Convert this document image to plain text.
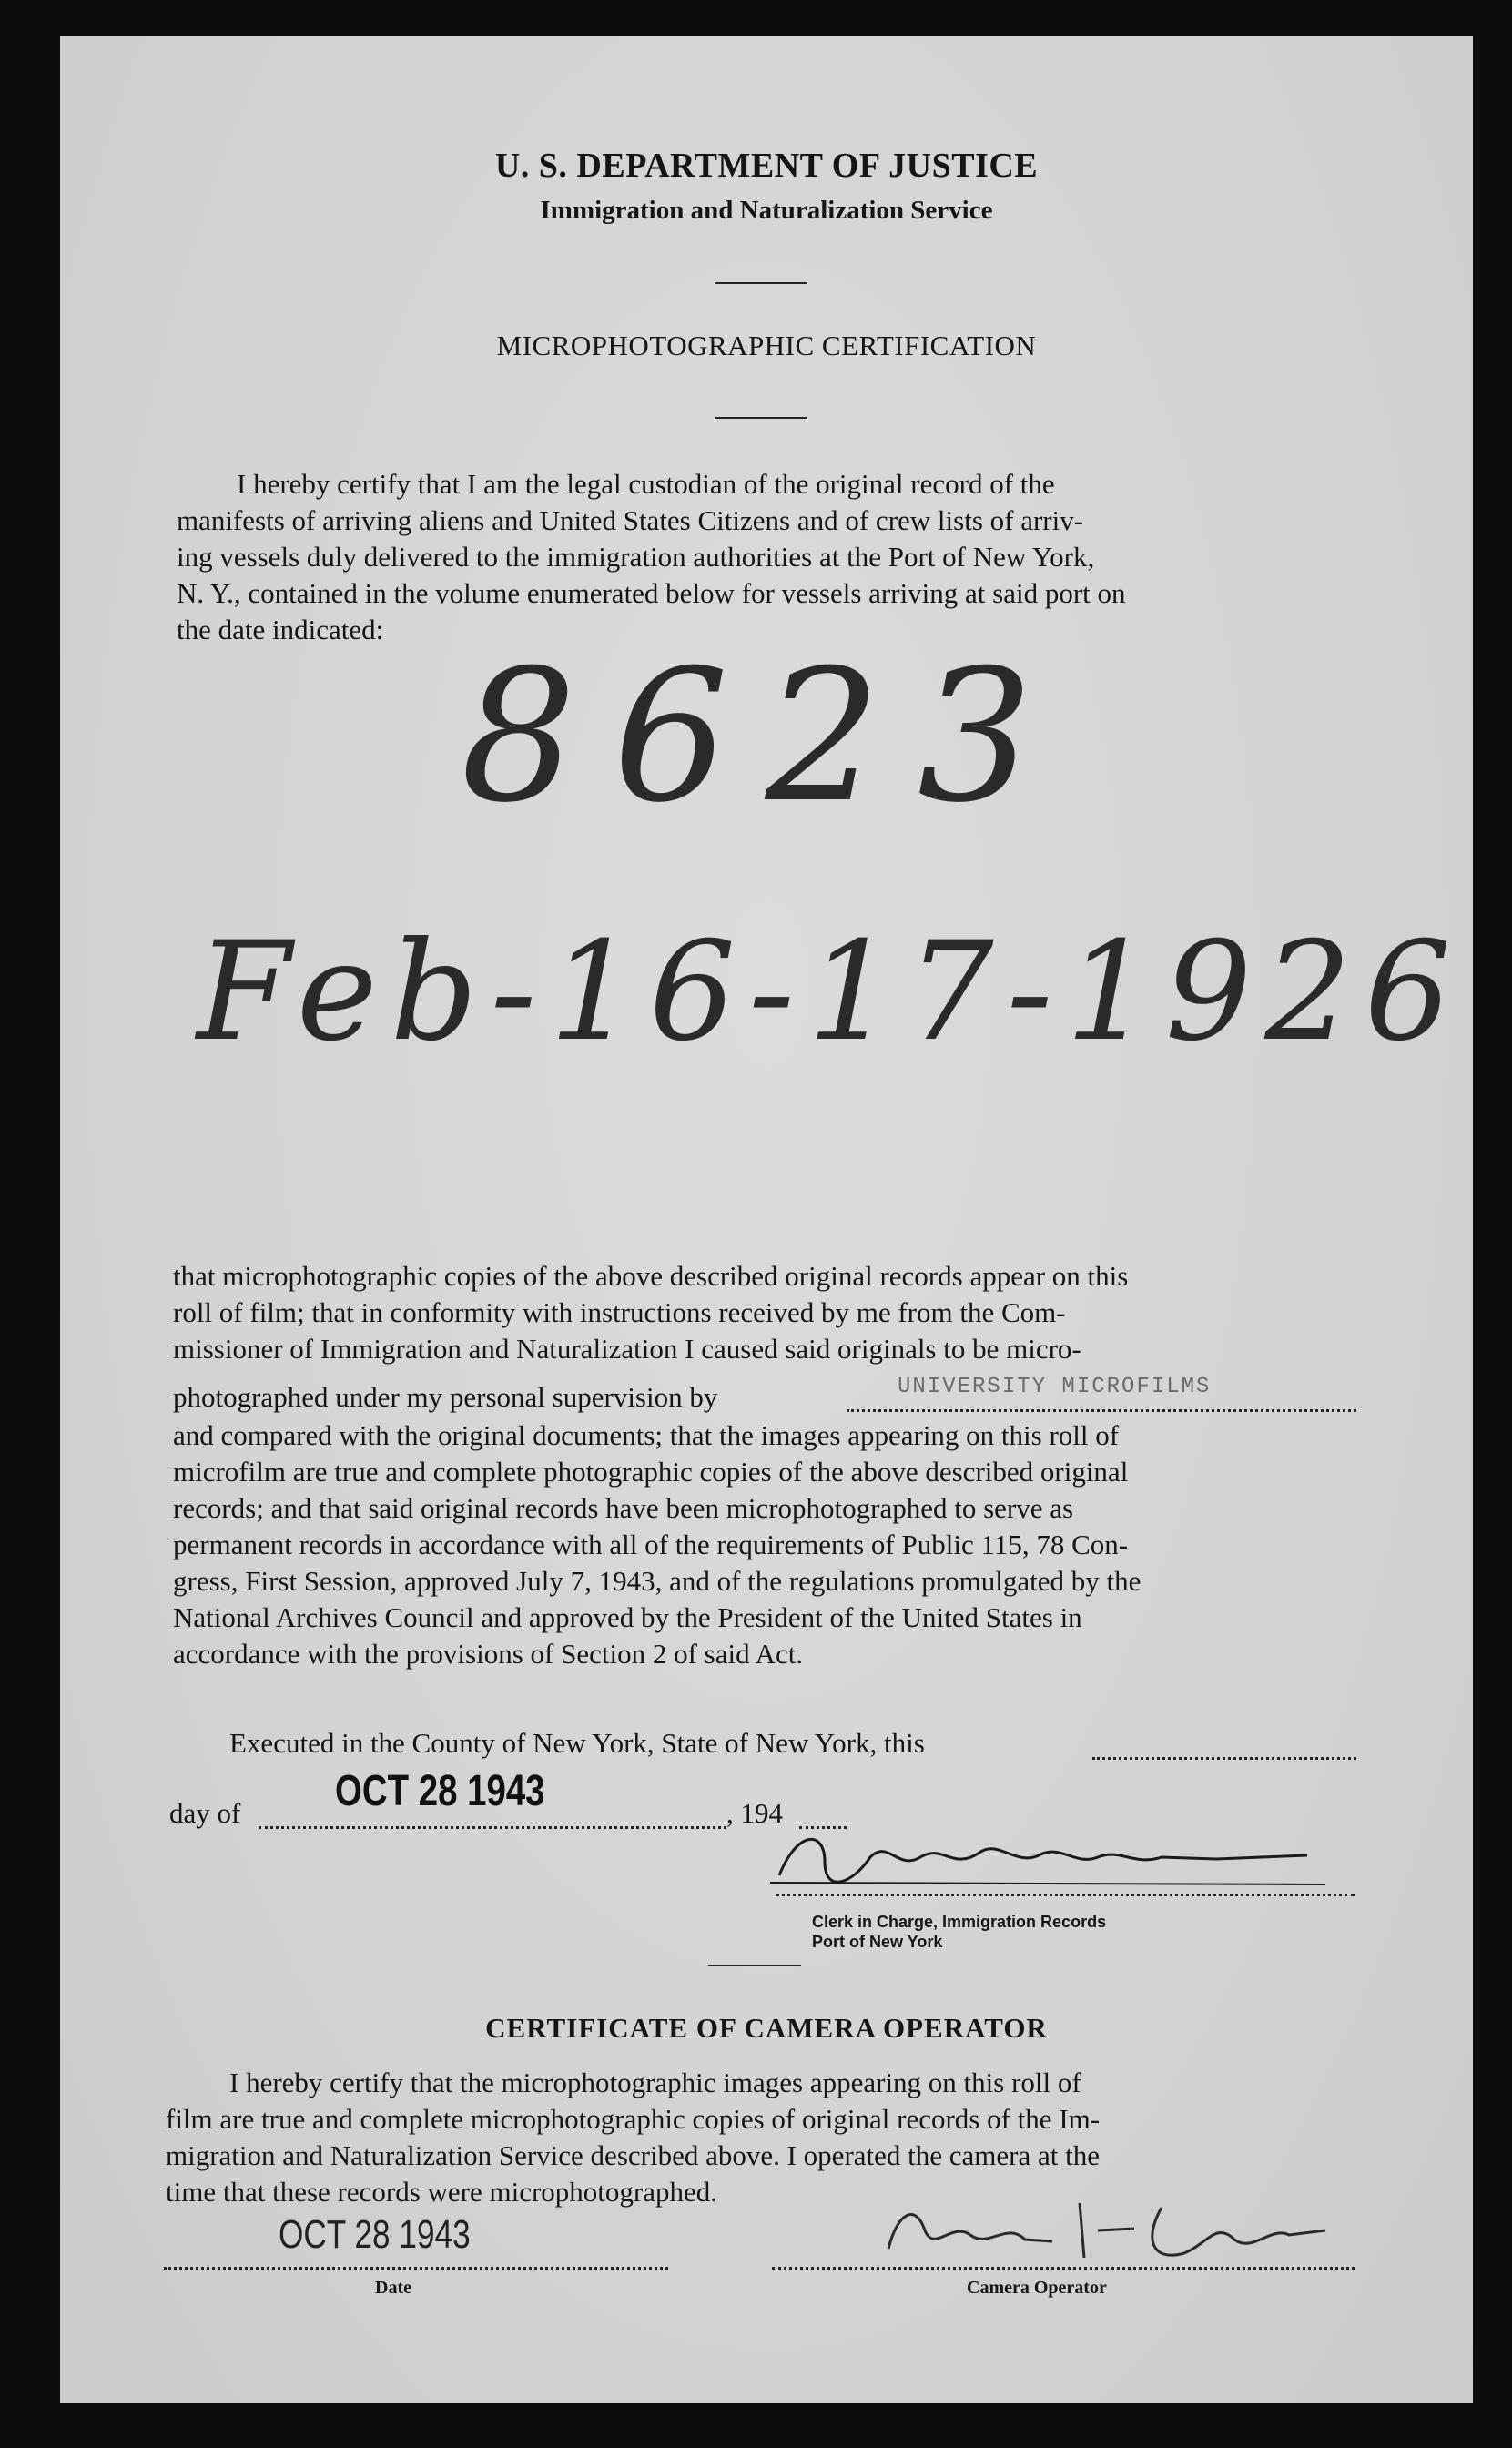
U. S. DEPARTMENT OF JUSTICE
Immigration and Naturalization Service
MICROPHOTOGRAPHIC CERTIFICATION

I hereby certify that I am the legal custodian of the original record of the

manifests of arriving aliens and United States Citizens and of crew lists of arriv-

ing vessels duly delivered to the immigration authorities at the Port of New York,

N. Y., contained in the volume enumerated below for vessels arriving at said port on

the date indicated:

8623
Feb-16-17-1926

that microphotographic copies of the above described original records appear on this

roll of film; that in conformity with instructions received by me from the Com-

missioner of Immigration and Naturalization I caused said originals to be micro-

photographed under my personal supervision by	UNIVERSITY MICROFILMS

and compared with the original documents; that the images appearing on this roll of

microfilm are true and complete photographic copies of the above described original

records; and that said original records have been microphotographed to serve as

permanent records in accordance with all of the requirements of Public 115, 78 Con-

gress, First Session, approved July 7, 1943, and of the regulations promulgated by the

National Archives Council and approved by the President of the United States in

accordance with the provisions of Section 2 of said Act.

Executed in the County of New York, State of New York, this
day of	OCT 28 1943	, 194
Clerk in Charge, Immigration Records
Port of New York
CERTIFICATE OF CAMERA OPERATOR

I hereby certify that the microphotographic images appearing on this roll of

film are true and complete microphotographic copies of original records of the Im-

migration and Naturalization Service described above. I operated the camera at the

time that these records were microphotographed.

OCT 28 1943
Date	Camera Operator
